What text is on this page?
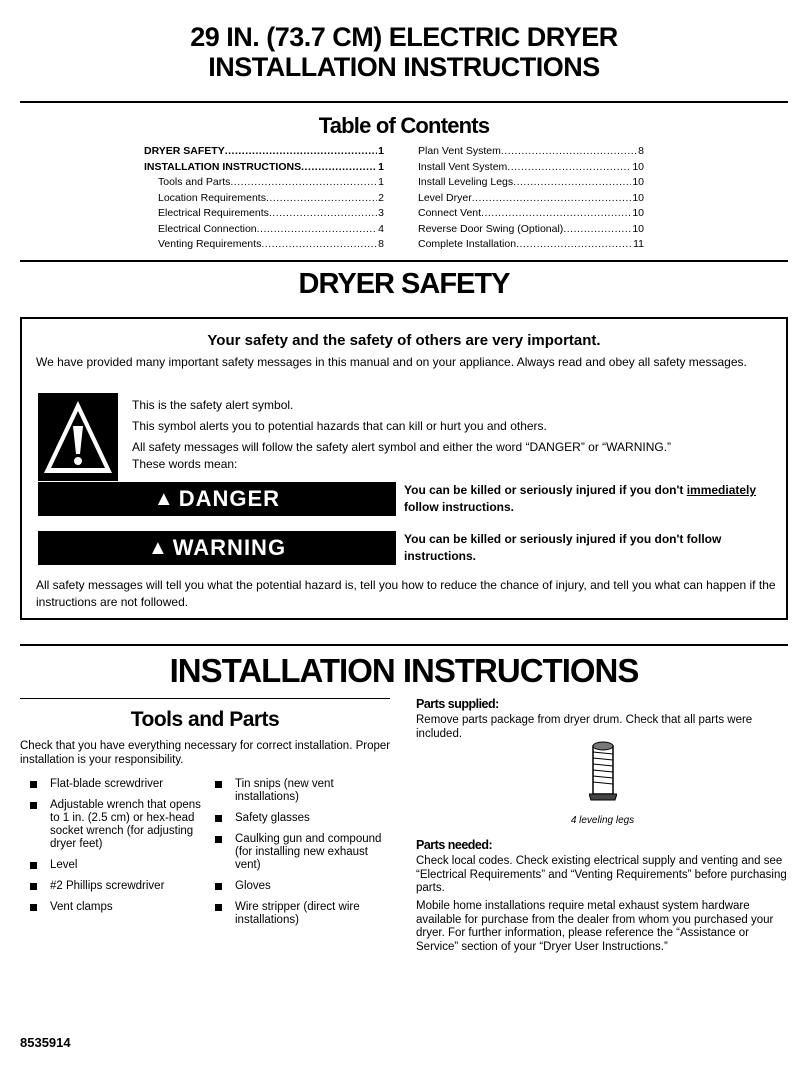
29 IN. (73.7 CM) ELECTRIC DRYER
INSTALLATION INSTRUCTIONS
Table of Contents
DRYER SAFETY .....	1
INSTALLATION INSTRUCTIONS .....	1
Tools and Parts .....	1
Location Requirements .....	2
Electrical Requirements .....	3
Electrical Connection .....	4
Venting Requirements .....	8
Plan Vent System .....	8
Install Vent System .....	10
Install Leveling Legs .....	10
Level Dryer .....	10
Connect Vent .....	10
Reverse Door Swing (Optional) .....	10
Complete Installation .....	11
DRYER SAFETY
Your safety and the safety of others are very important.
We have provided many important safety messages in this manual and on your appliance. Always read and obey all safety messages.
This is the safety alert symbol.
This symbol alerts you to potential hazards that can kill or hurt you and others.
All safety messages will follow the safety alert symbol and either the word “DANGER” or “WARNING.”
These words mean:
▲ DANGER	You can be killed or seriously injured if you don't immediately
follow instructions.
▲ WARNING	You can be killed or seriously injured if you don't follow instructions.
All safety messages will tell you what the potential hazard is, tell you how to reduce the chance of injury, and tell you what can happen if the instructions are not followed.
INSTALLATION INSTRUCTIONS
Tools and Parts
Check that you have everything necessary for correct installation. Proper installation is your responsibility.
Flat-blade screwdriver
Adjustable wrench that opens to 1 in. (2.5 cm) or hex-head socket wrench (for adjusting dryer feet)
Level
#2 Phillips screwdriver
Vent clamps
Tin snips (new vent installations)
Safety glasses
Caulking gun and compound (for installing new exhaust vent)
Gloves
Wire stripper (direct wire installations)
Parts supplied:
Remove parts package from dryer drum. Check that all parts were included.
4 leveling legs
Parts needed:
Check local codes. Check existing electrical supply and venting and see “Electrical Requirements” and “Venting Requirements” before purchasing parts.
Mobile home installations require metal exhaust system hardware available for purchase from the dealer from whom you purchased your dryer. For further information, please reference the “Assistance or Service” section of your “Dryer User Instructions.”
8535914
